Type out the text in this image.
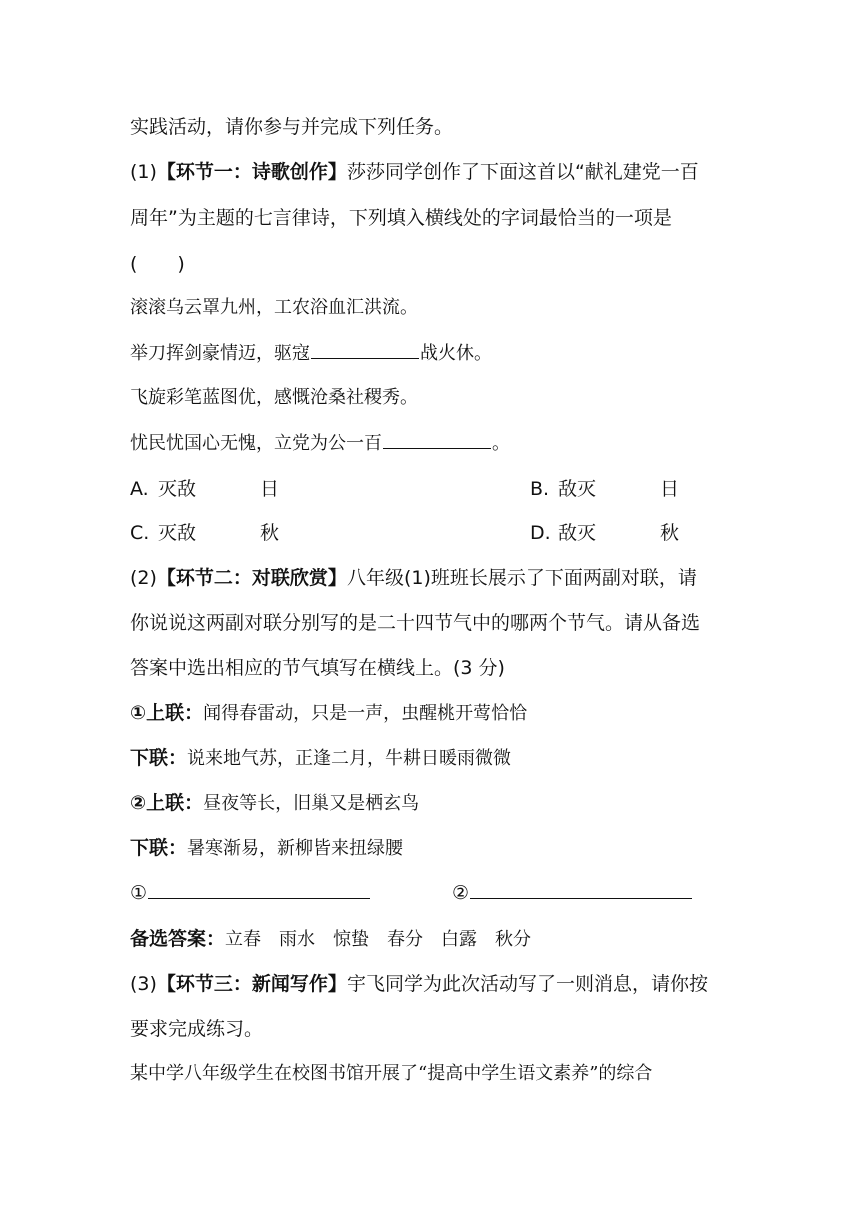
实践活动，请你参与并完成下列任务。
(1)【环节一：诗歌创作】莎莎同学创作了下面这首以“献礼建党一百
周年”为主题的七言律诗，下列填入横线处的字词最恰当的一项是
( )
滚滚乌云罩九州，工农浴血汇洪流。
举刀挥剑豪情迈，驱寇	战火休。
飞旋彩笔蓝图优，感慨沧桑社稷秀。
忧民忧国心无愧，立党为公一百	。
A. 灭敌	日	B. 敌灭	日
C. 灭敌	秋	D. 敌灭	秋
(2)【环节二：对联欣赏】八年级(1)班班长展示了下面两副对联，请
你说说这两副对联分别写的是二十四节气中的哪两个节气。请从备选
答案中选出相应的节气填写在横线上。(3 分)
①上联：闻得春雷动，只是一声，虫醒桃开莺恰恰
下联：说来地气苏，正逢二月，牛耕日暖雨微微
②上联：昼夜等长，旧巢又是栖玄鸟
下联：暑寒渐易，新柳皆来扭绿腰
①	②
备选答案：立春 雨水 惊蛰 春分 白露 秋分
(3)【环节三：新闻写作】宇飞同学为此次活动写了一则消息，请你按
要求完成练习。
某中学八年级学生在校图书馆开展了“提高中学生语文素养”的综合
